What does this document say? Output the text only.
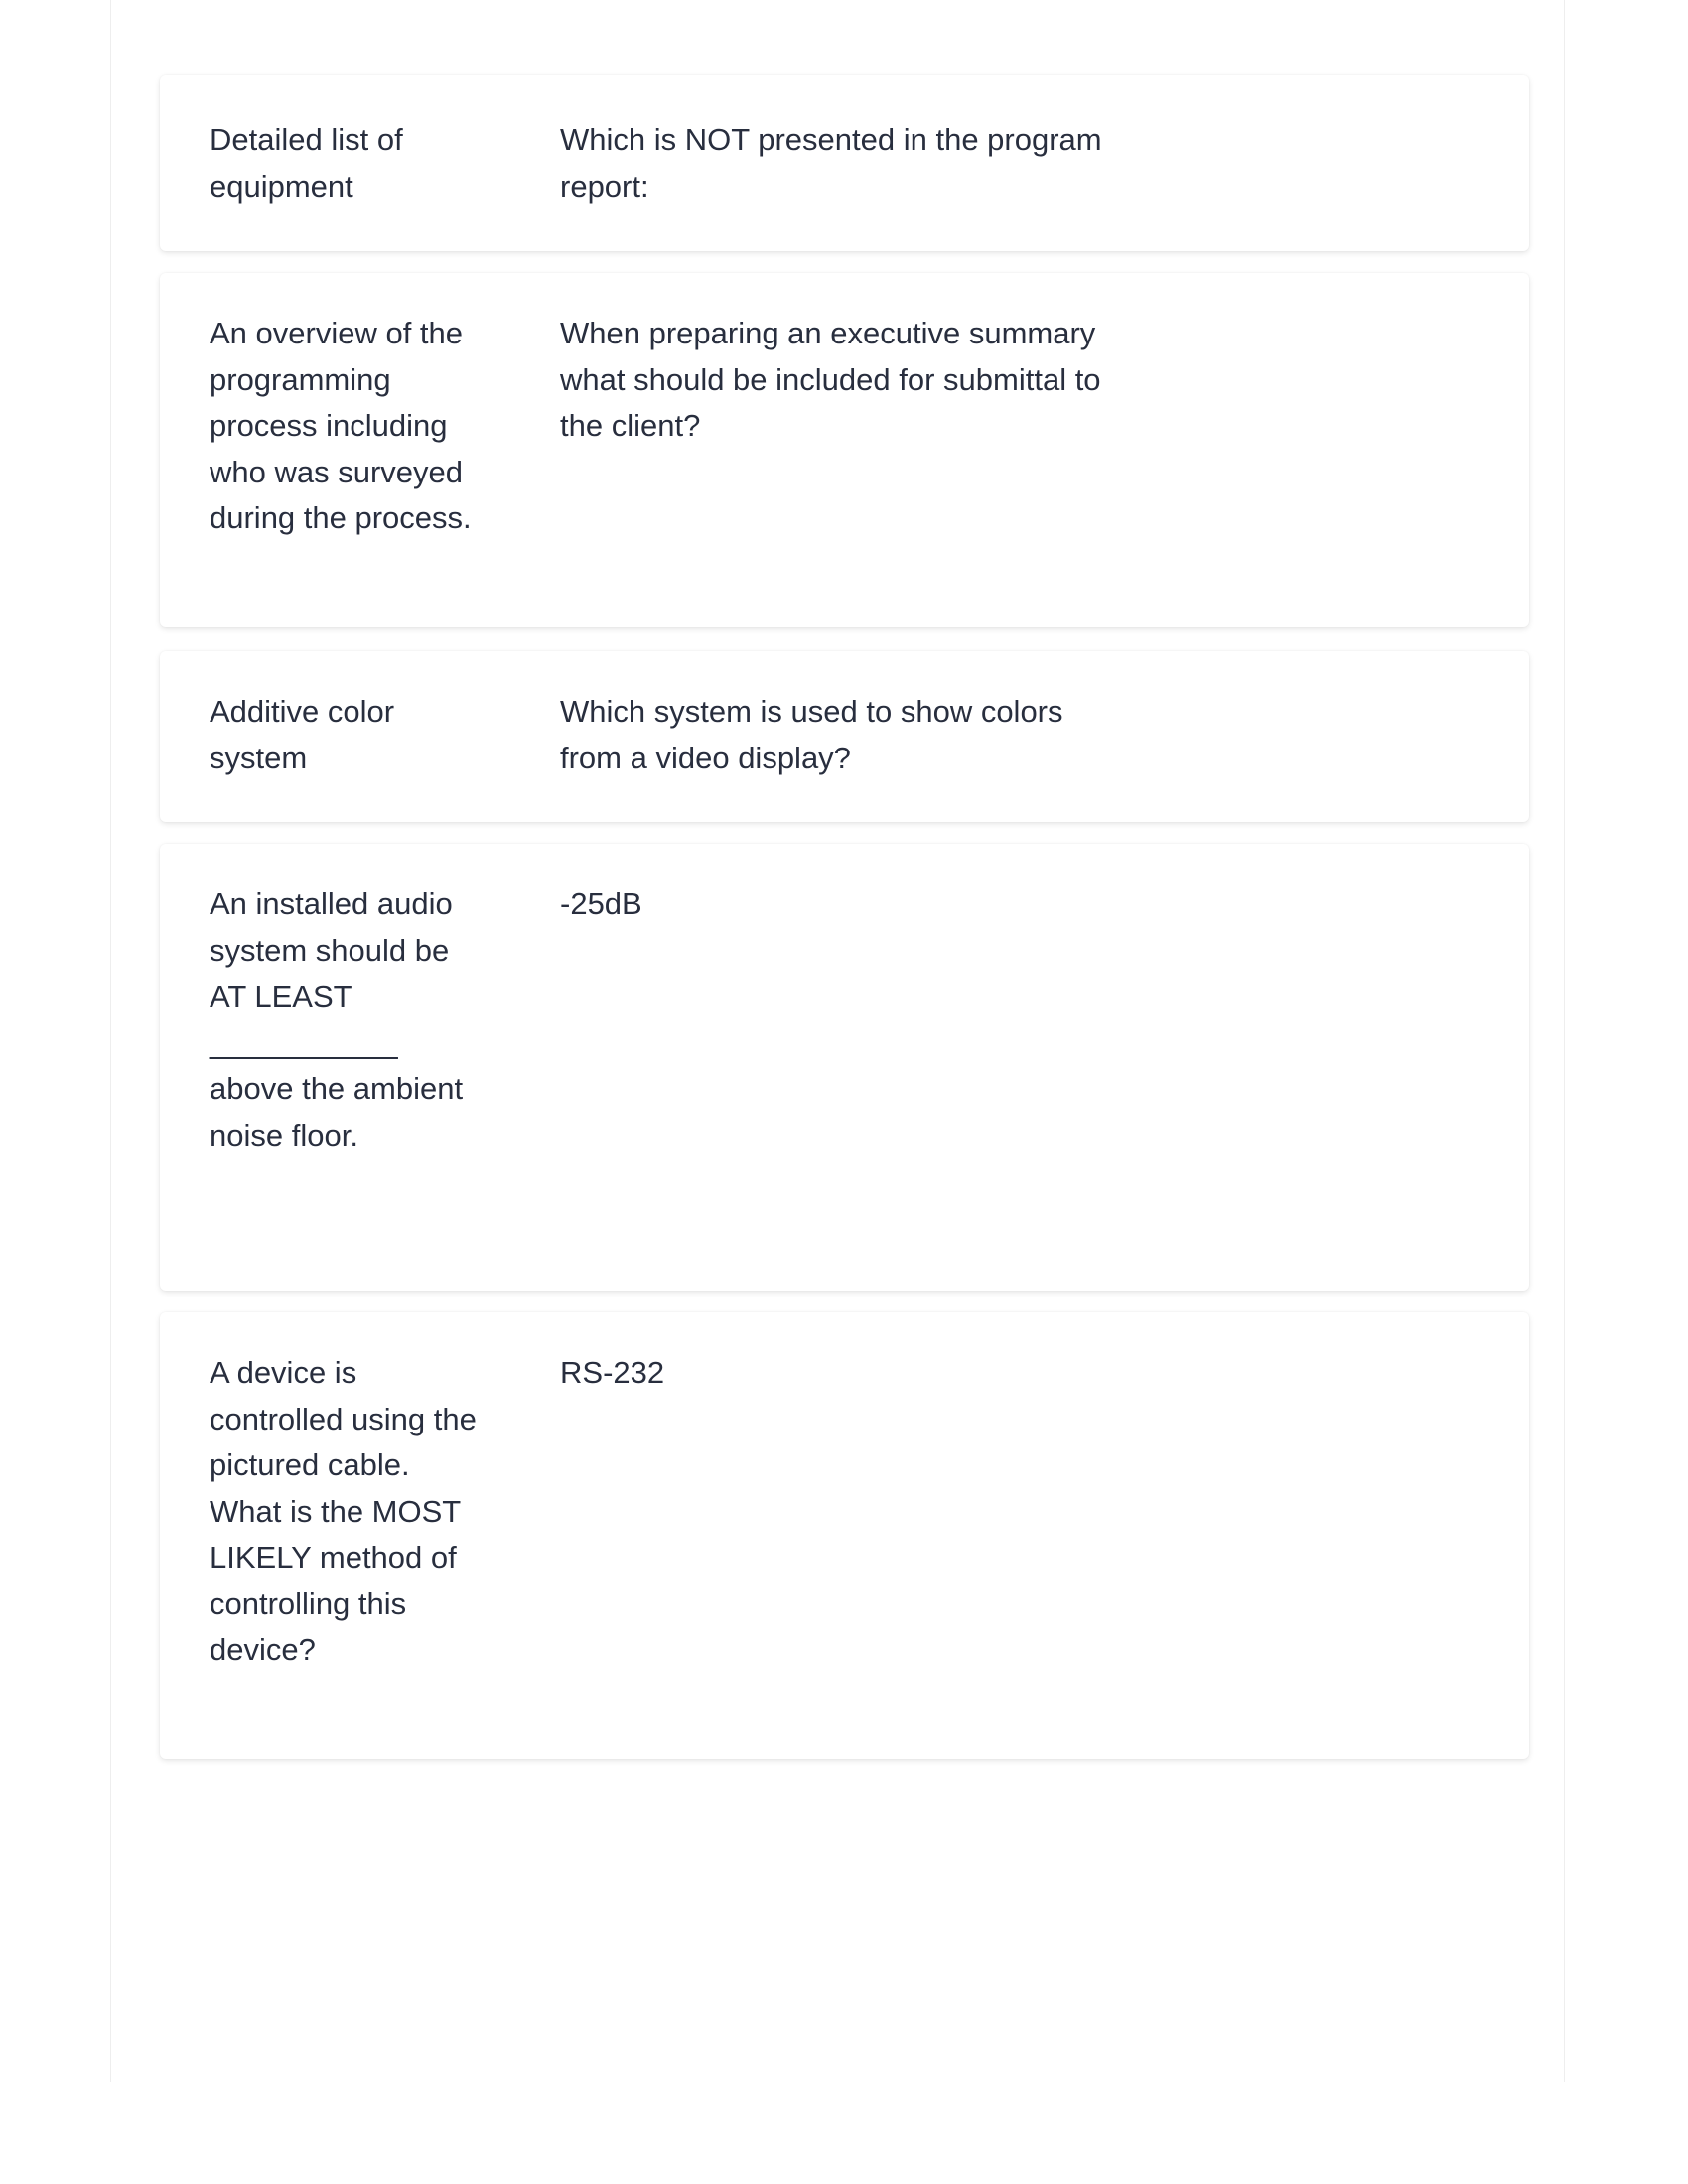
Detailed list of equipment
Which is NOT presented in the program report:
An overview of the programming process including who was surveyed during the process.
When preparing an executive summary what should be included for submittal to the client?
Additive color system
Which system is used to show colors from a video display?
An installed audio system should be AT LEAST ___________ above the ambient noise floor.
-25dB
A device is controlled using the pictured cable. What is the MOST LIKELY method of controlling this device?
RS-232
